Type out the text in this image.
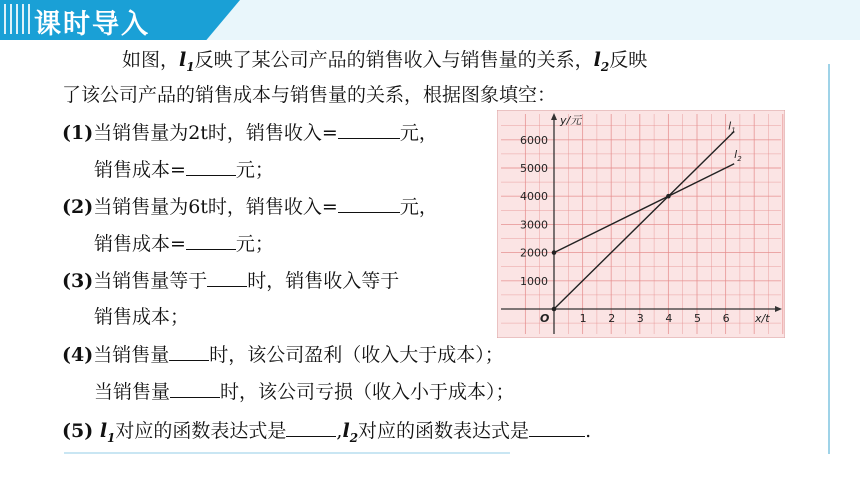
课时导入
如图，$l_1$反映了某公司产品的销售收入与销售量的关系，$l_2$反映
了该公司产品的销售成本与销售量的关系，根据图象填空：
(1)当销售量为2t时，销售收入=	元，
销售成本=	元；
(2)当销售量为6t时，销售收入=	元，
销售成本=	元；
(3)当销售量等于 时，销售收入等于
销售成本；
(4)当销售量 时，该公司盈利（收入大于成本）；
当销售量	时，该公司亏损（收入小于成本）；
(5) $l_1$对应的函数表达式是	$,l_2$对应的函数表达式是	.
y/元
x/t
O	1 2 3 4 5 6
1000
2000
3000
4000
5000
6000
$l_1$
$l_2$
